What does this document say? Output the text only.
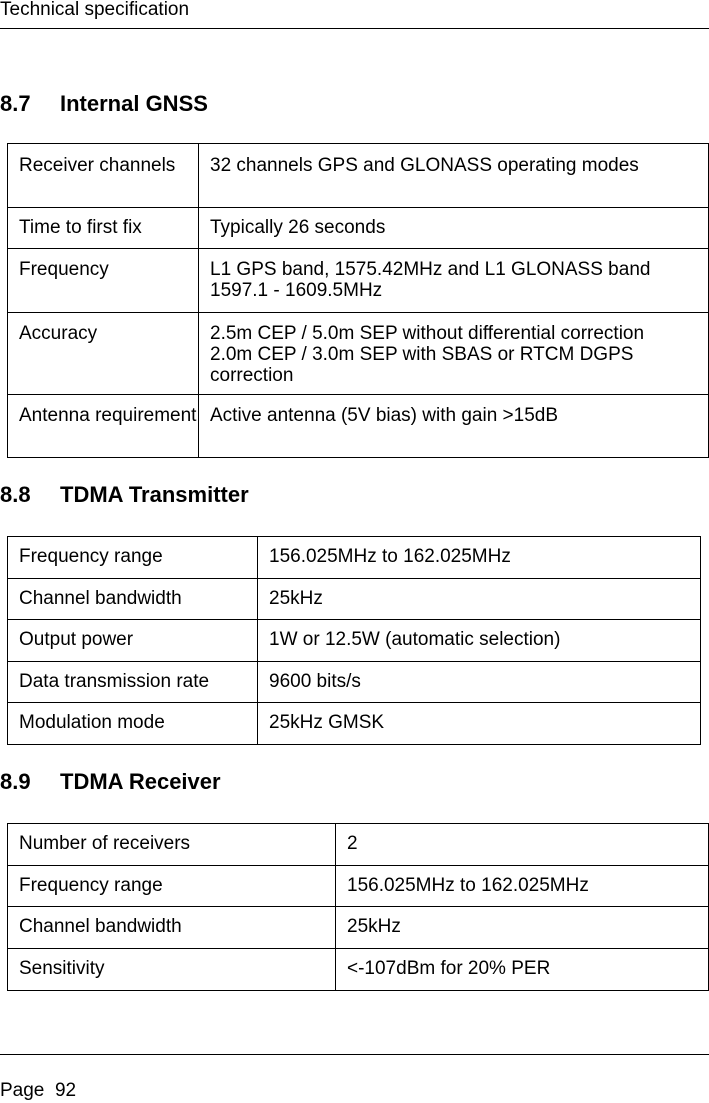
Technical specification
8.7 Internal GNSS
Receiver channels	32 channels GPS and GLONASS operating modes
Time to first fix	Typically 26 seconds
Frequency	L1 GPS band, 1575.42MHz and L1 GLONASS band 1597.1 - 1609.5MHz
Accuracy	2.5m CEP / 5.0m SEP without differential correction
2.0m CEP / 3.0m SEP with SBAS or RTCM DGPS correction

Antenna requirement	Active antenna (5V bias) with gain >15dB
8.8 TDMA Transmitter
Frequency range	156.025MHz to 162.025MHz
Channel bandwidth	25kHz
Output power	1W or 12.5W (automatic selection)
Data transmission rate	9600 bits/s
Modulation mode	25kHz GMSK
8.9 TDMA Receiver
Number of receivers	2
Frequency range	156.025MHz to 162.025MHz
Channel bandwidth	25kHz
Sensitivity	<-107dBm for 20% PER
Page 92
